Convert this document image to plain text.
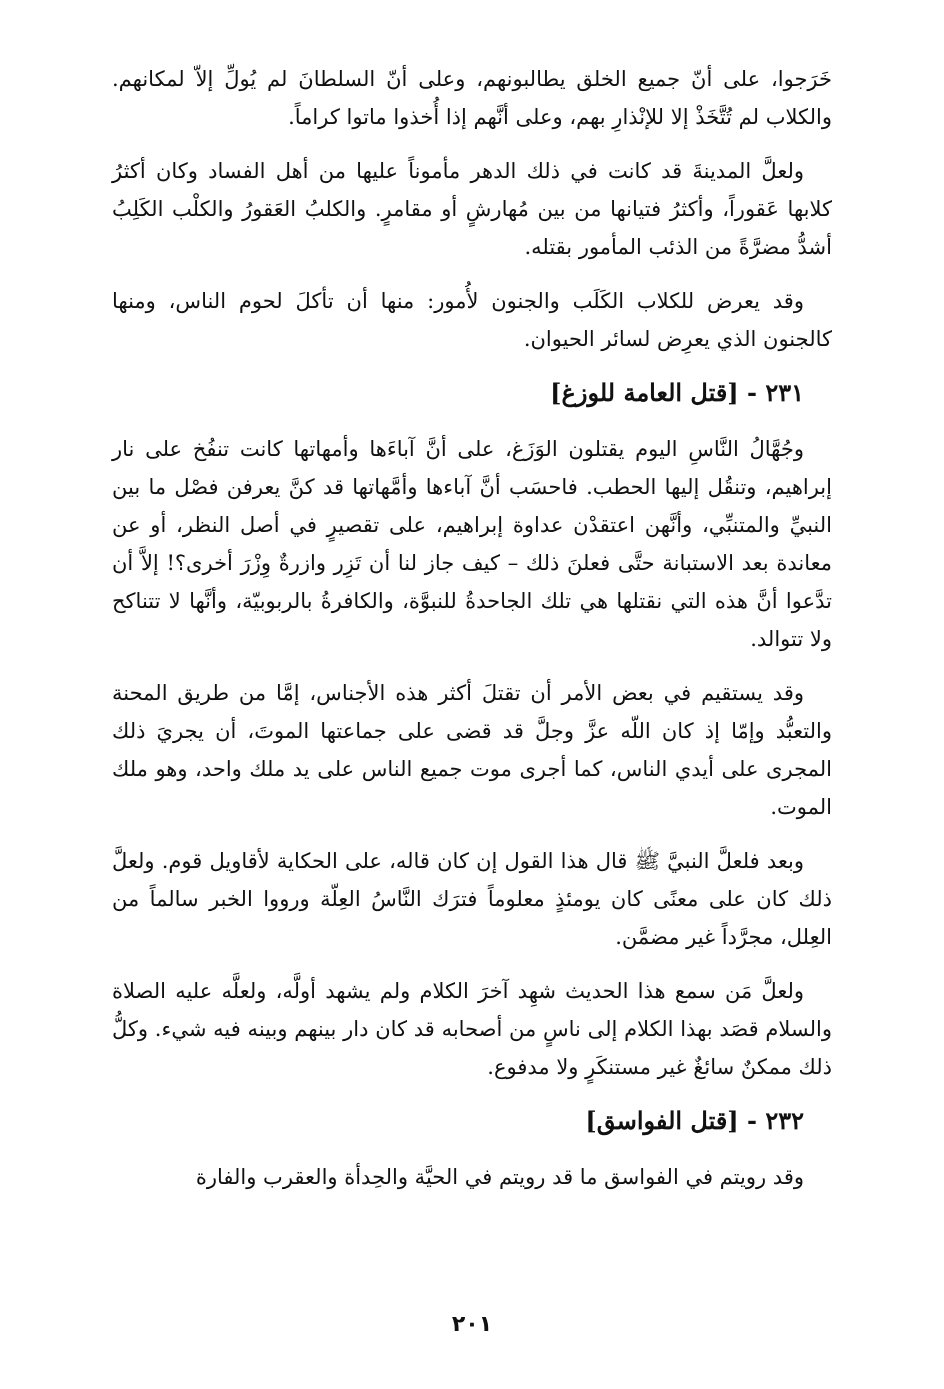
خَرَجوا، على أنّ جميع الخلق يطالبونهم، وعلى أنّ السلطانَ لم يُولِّ إلاّ لمكانهم. والكلاب لم تُتَّخَذْ إلا للإنْذارِ بهم، وعلى أنَّهم إذا أُخذوا ماتوا كراماً.

ولعلَّ المدينةَ قد كانت في ذلك الدهر مأموناً عليها من أهل الفساد وكان أكثرُ كلابها عَقوراً، وأكثرُ فتيانها من بين مُهارشٍ أو مقامرٍ. والكلبُ العَقورُ والكلْب الكَلِبُ أشدُّ مضرَّةً من الذئب المأمور بقتله.

وقد يعرض للكلاب الكَلَب والجنون لأُمور: منها أن تأكلَ لحوم الناس، ومنها كالجنون الذي يعرِض لسائر الحيوان.

٢٣١ - [قتل العامة للوزغ]

وجُهَّالُ النَّاسِ اليوم يقتلون الوَزَغ، على أنَّ آباءَها وأمهاتها كانت تنفُخ على نار إبراهيم، وتنقُل إليها الحطب. فاحسَب أنَّ آباءها وأمَّهاتها قد كنَّ يعرفن فصْل ما بين النبيِّ والمتنبِّي، وأنَّهن اعتقدْن عداوة إبراهيم، على تقصيرٍ في أصل النظر، أو عن معاندة بعد الاستبانة حتَّى فعلنَ ذلك – كيف جاز لنا أن تَزِر وازرةٌ وِزْرَ أخرى؟! إلاَّ أن تدَّعوا أنَّ هذه التي نقتلها هي تلك الجاحدةُ للنبوَّة، والكافرةُ بالربوبيّة، وأنَّها لا تتناكح ولا تتوالد.

وقد يستقيم في بعض الأمر أن تقتلَ أكثر هذه الأجناس، إمَّا من طريق المحنة والتعبُّد وإمّا إذ كان اللّه عزَّ وجلَّ قد قضى على جماعتها الموتَ، أن يجريَ ذلك المجرى على أيدي الناس، كما أجرى موت جميع الناس على يد ملك واحد، وهو ملك الموت.

وبعد فلعلَّ النبيَّ ﷺ قال هذا القول إن كان قاله، على الحكاية لأقاويل قوم. ولعلَّ ذلك كان على معنًى كان يومئذٍ معلوماً فترَك النَّاسُ العِلّة ورووا الخبر سالماً من العِلل، مجرَّداً غير مضمَّن.

ولعلَّ مَن سمع هذا الحديث شهِد آخرَ الكلام ولم يشهد أولَّه، ولعلَّه عليه الصلاة والسلام قصَد بهذا الكلام إلى ناسٍ من أصحابه قد كان دار بينهم وبينه فيه شيء. وكلُّ ذلك ممكنٌ سائغٌ غير مستنكَرٍ ولا مدفوع.

٢٣٢ - [قتل الفواسق]

وقد رويتم في الفواسق ما قد رويتم في الحيَّة والحِدأة والعقرب والفارة

٢٠١
